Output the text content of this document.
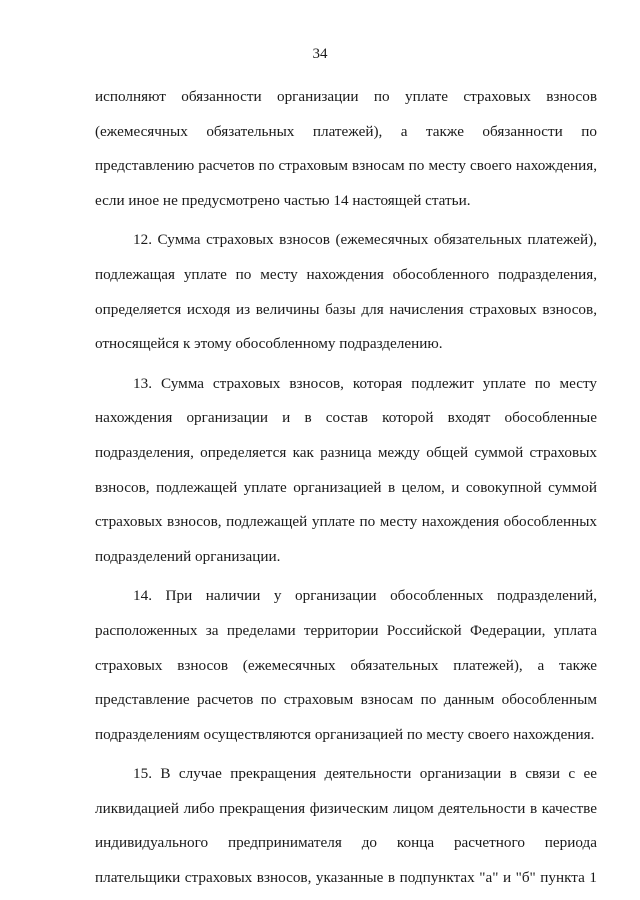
34
исполняют обязанности организации по уплате страховых взносов
(ежемесячных обязательных платежей), а также обязанности по
представлению расчетов по страховым взносам по месту своего нахождения,
если иное не предусмотрено частью 14 настоящей статьи.
12. Сумма страховых взносов (ежемесячных обязательных платежей),
подлежащая уплате по месту нахождения обособленного подразделения,
определяется исходя из величины базы для начисления страховых взносов,
относящейся к этому обособленному подразделению.
13. Сумма страховых взносов, которая подлежит уплате по месту
нахождения организации и в состав которой входят обособленные
подразделения, определяется как разница между общей суммой страховых
взносов, подлежащей уплате организацией в целом, и совокупной суммой
страховых взносов, подлежащей уплате по месту нахождения обособленных
подразделений организации.
14. При наличии у организации обособленных подразделений,
расположенных за пределами территории Российской Федерации, уплата
страховых взносов (ежемесячных обязательных платежей), а также
представление расчетов по страховым взносам по данным обособленным
подразделениям осуществляются организацией по месту своего нахождения.
15. В случае прекращения деятельности организации в связи с ее
ликвидацией либо прекращения физическим лицом деятельности в качестве
индивидуального предпринимателя до конца расчетного периода
плательщики страховых взносов, указанные в подпунктах "а" и "б" пункта 1
